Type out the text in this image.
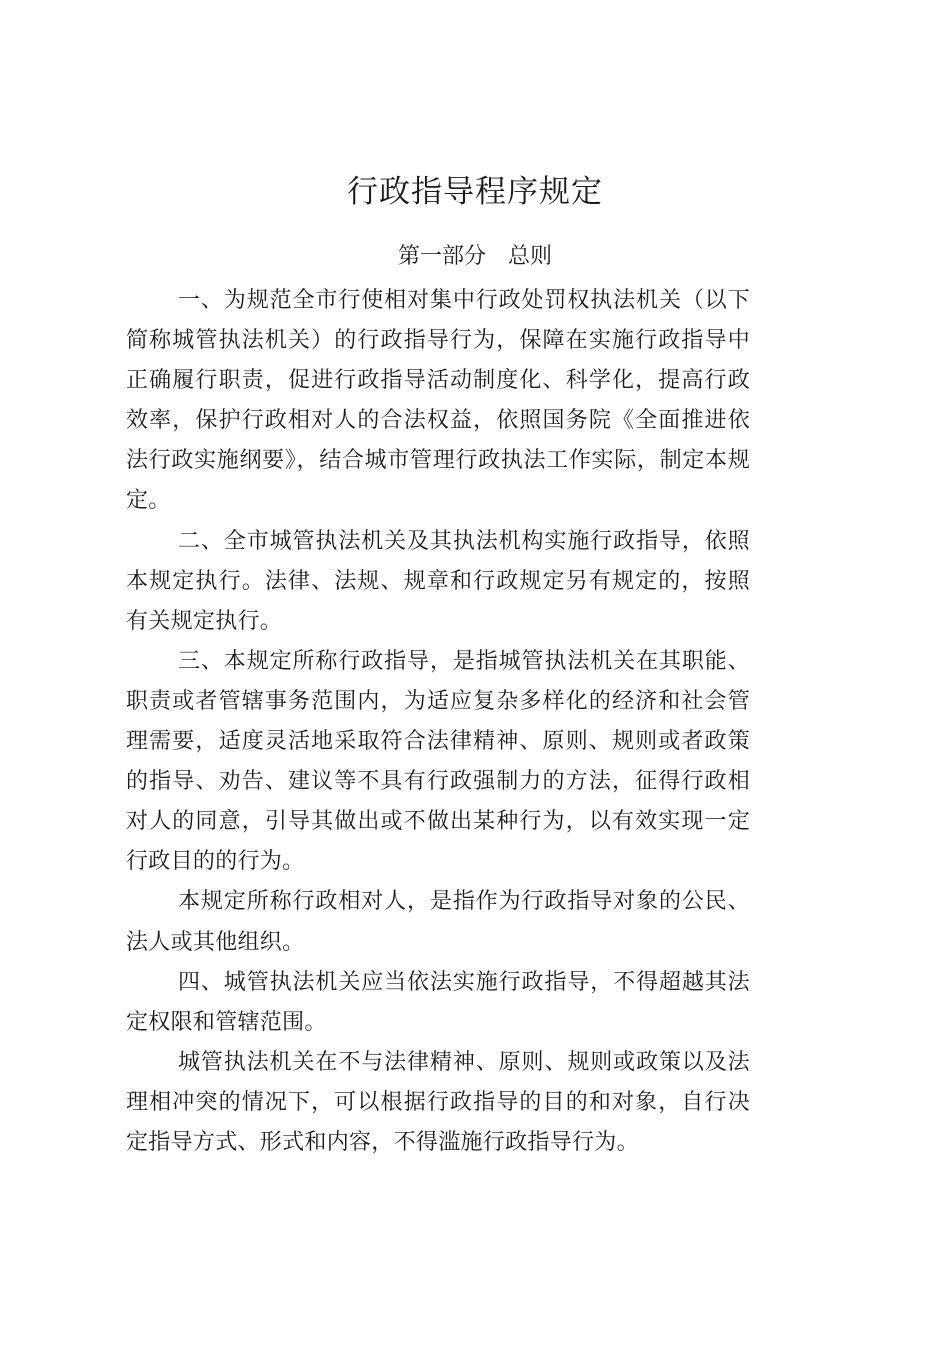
行政指导程序规定
第一部分 总则

一、为规范全市行使相对集中行政处罚权执法机关（以下简称城管执法机关）的行政指导行为，保障在实施行政指导中正确履行职责，促进行政指导活动制度化、科学化，提高行政效率，保护行政相对人的合法权益，依照国务院《全面推进依法行政实施纲要》，结合城市管理行政执法工作实际，制定本规定。

二、全市城管执法机关及其执法机构实施行政指导，依照本规定执行。法律、法规、规章和行政规定另有规定的，按照有关规定执行。

三、本规定所称行政指导，是指城管执法机关在其职能、职责或者管辖事务范围内，为适应复杂多样化的经济和社会管理需要，适度灵活地采取符合法律精神、原则、规则或者政策的指导、劝告、建议等不具有行政强制力的方法，征得行政相对人的同意，引导其做出或不做出某种行为，以有效实现一定行政目的的行为。

本规定所称行政相对人，是指作为行政指导对象的公民、法人或其他组织。

四、城管执法机关应当依法实施行政指导，不得超越其法定权限和管辖范围。

城管执法机关在不与法律精神、原则、规则或政策以及法理相冲突的情况下，可以根据行政指导的目的和对象，自行决定指导方式、形式和内容，不得滥施行政指导行为。
